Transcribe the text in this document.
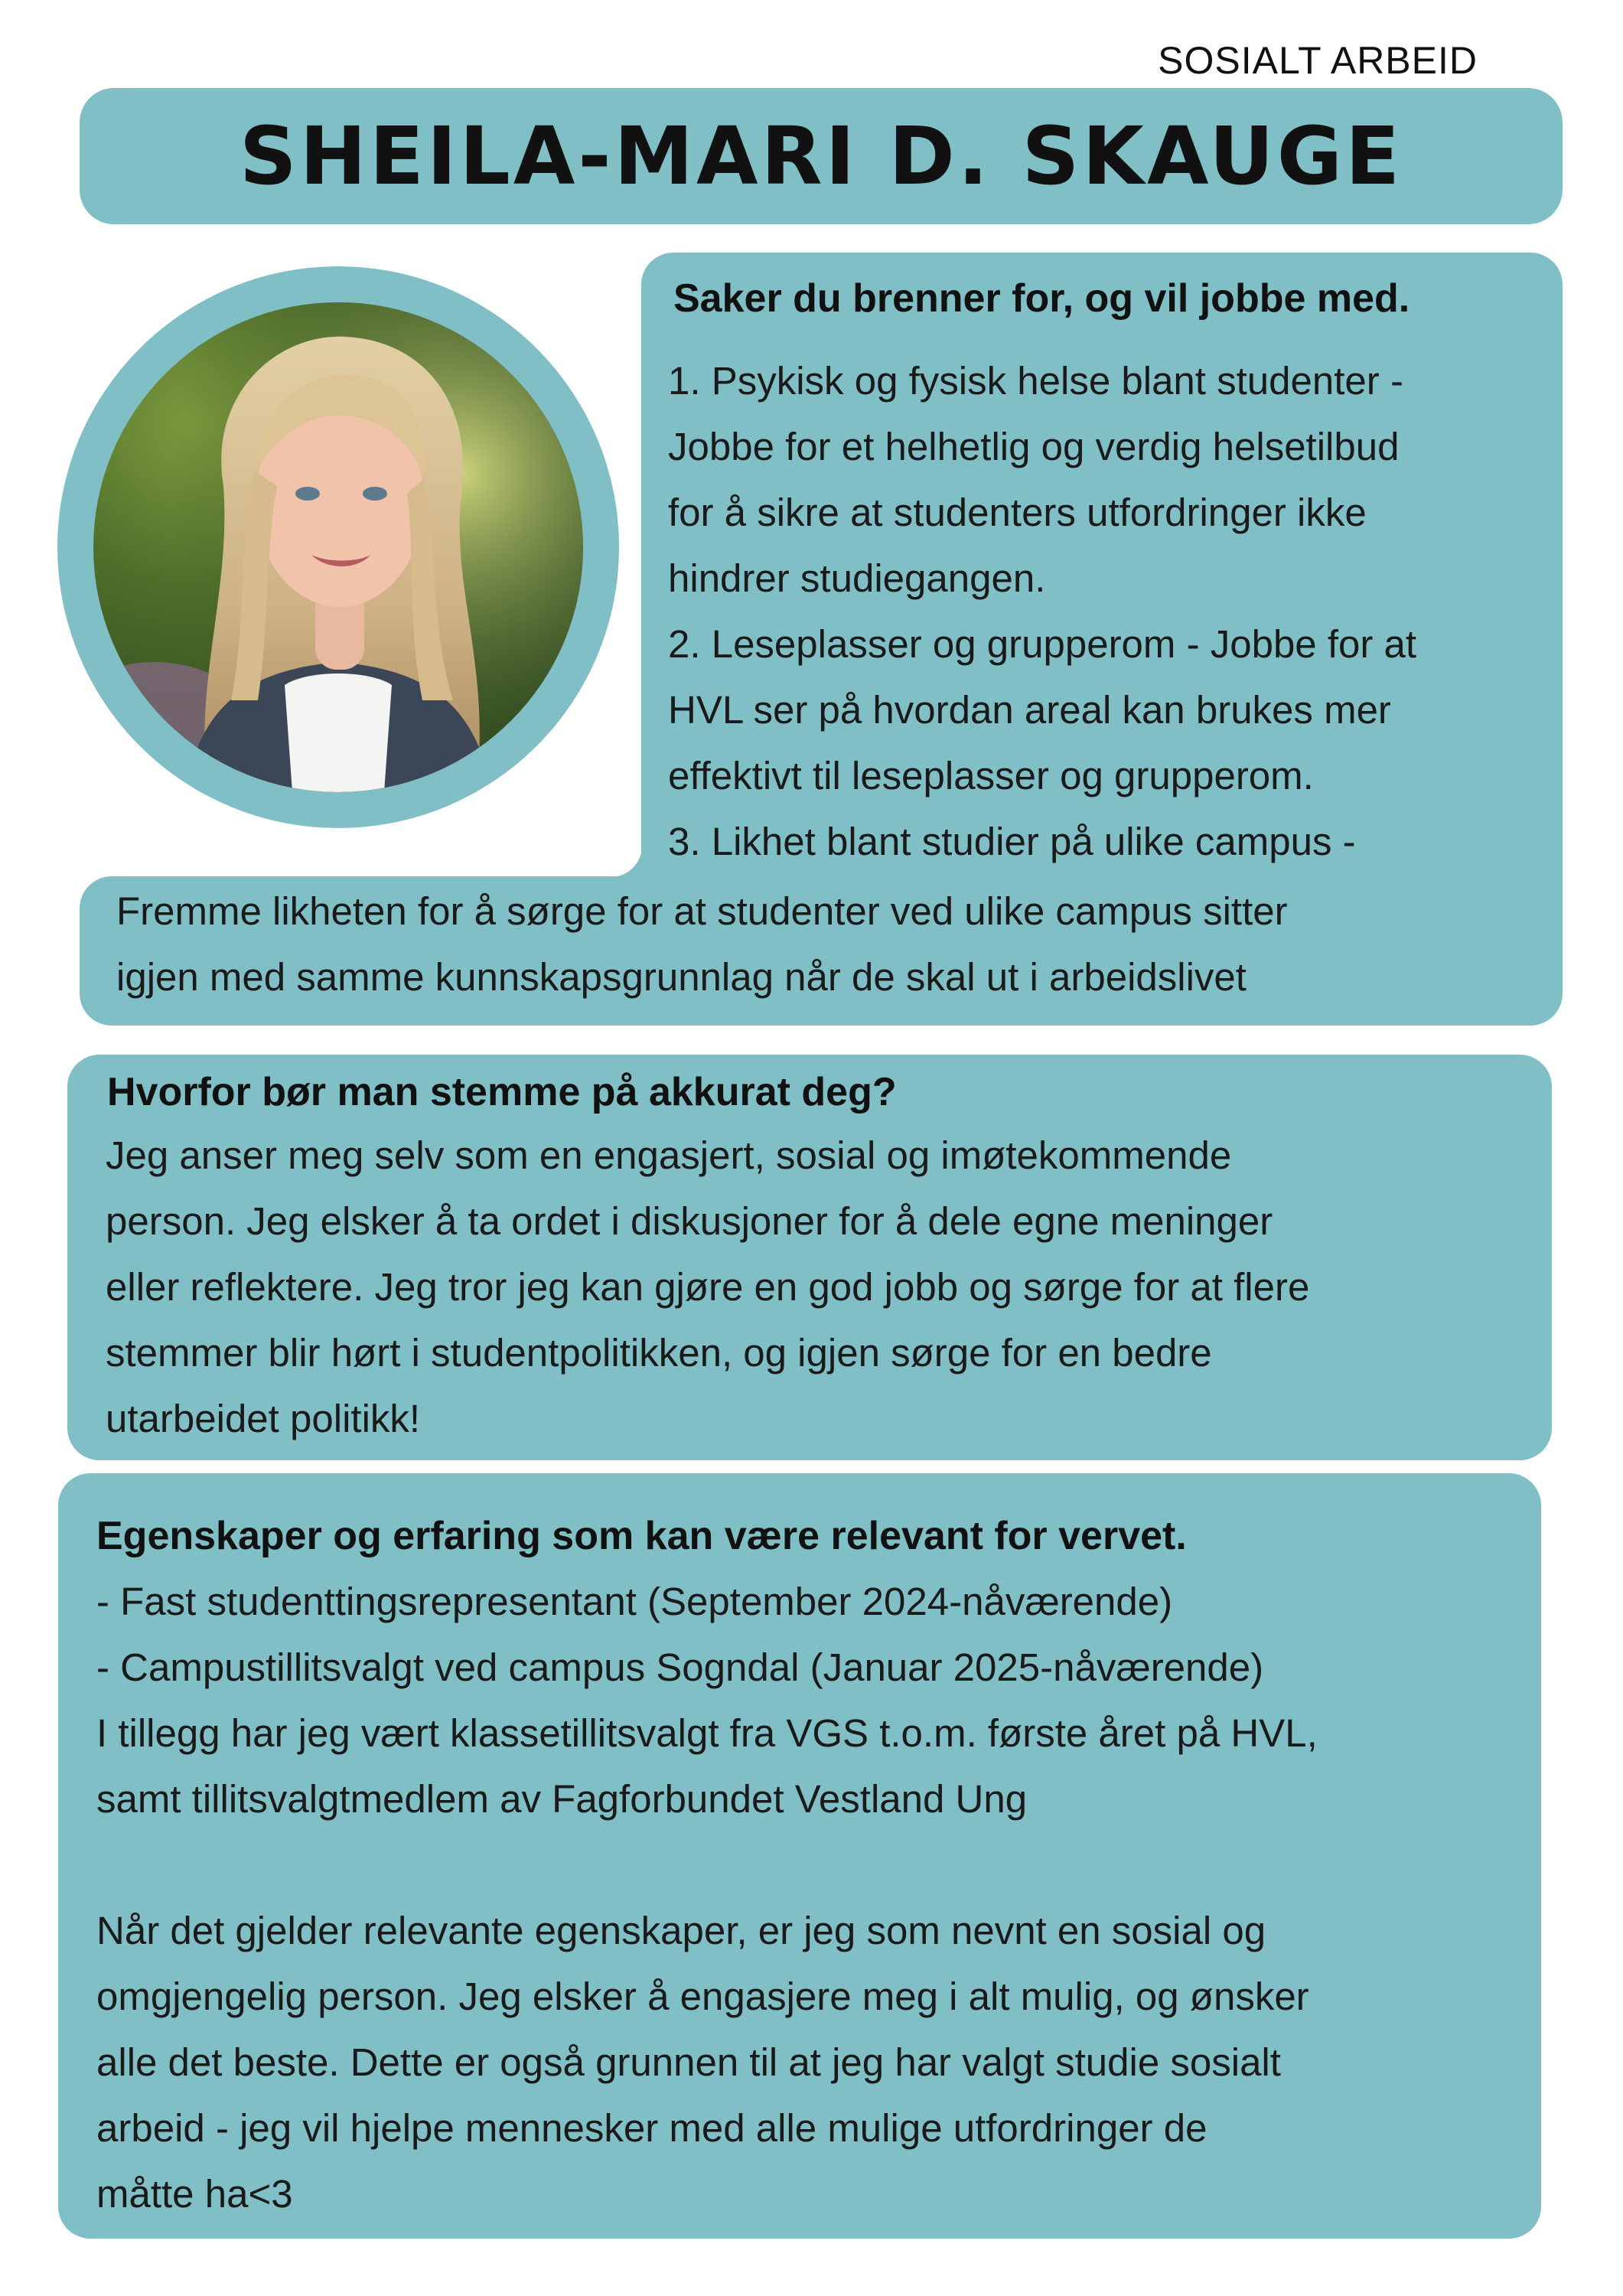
SOSIALT ARBEID
SHEILA-MARI D. SKAUGE
Saker du brenner for, og vil jobbe med.
1. Psykisk og fysisk helse blant studenter -
Jobbe for et helhetlig og verdig helsetilbud
for å sikre at studenters utfordringer ikke
hindrer studiegangen.
2. Leseplasser og grupperom - Jobbe for at
HVL ser på hvordan areal kan brukes mer
effektivt til leseplasser og grupperom.
3. Likhet blant studier på ulike campus -
Fremme likheten for å sørge for at studenter ved ulike campus sitter
igjen med samme kunnskapsgrunnlag når de skal ut i arbeidslivet
Hvorfor bør man stemme på akkurat deg?
Jeg anser meg selv som en engasjert, sosial og imøtekommende
person. Jeg elsker å ta ordet i diskusjoner for å dele egne meninger
eller reflektere. Jeg tror jeg kan gjøre en god jobb og sørge for at flere
stemmer blir hørt i studentpolitikken, og igjen sørge for en bedre
utarbeidet politikk!
Egenskaper og erfaring som kan være relevant for vervet.
- Fast studenttingsrepresentant (September 2024-nåværende)
- Campustillitsvalgt ved campus Sogndal (Januar 2025-nåværende)
I tillegg har jeg vært klassetillitsvalgt fra VGS t.o.m. første året på HVL,
samt tillitsvalgtmedlem av Fagforbundet Vestland Ung
Når det gjelder relevante egenskaper, er jeg som nevnt en sosial og
omgjengelig person. Jeg elsker å engasjere meg i alt mulig, og ønsker
alle det beste. Dette er også grunnen til at jeg har valgt studie sosialt
arbeid - jeg vil hjelpe mennesker med alle mulige utfordringer de
måtte ha<3
